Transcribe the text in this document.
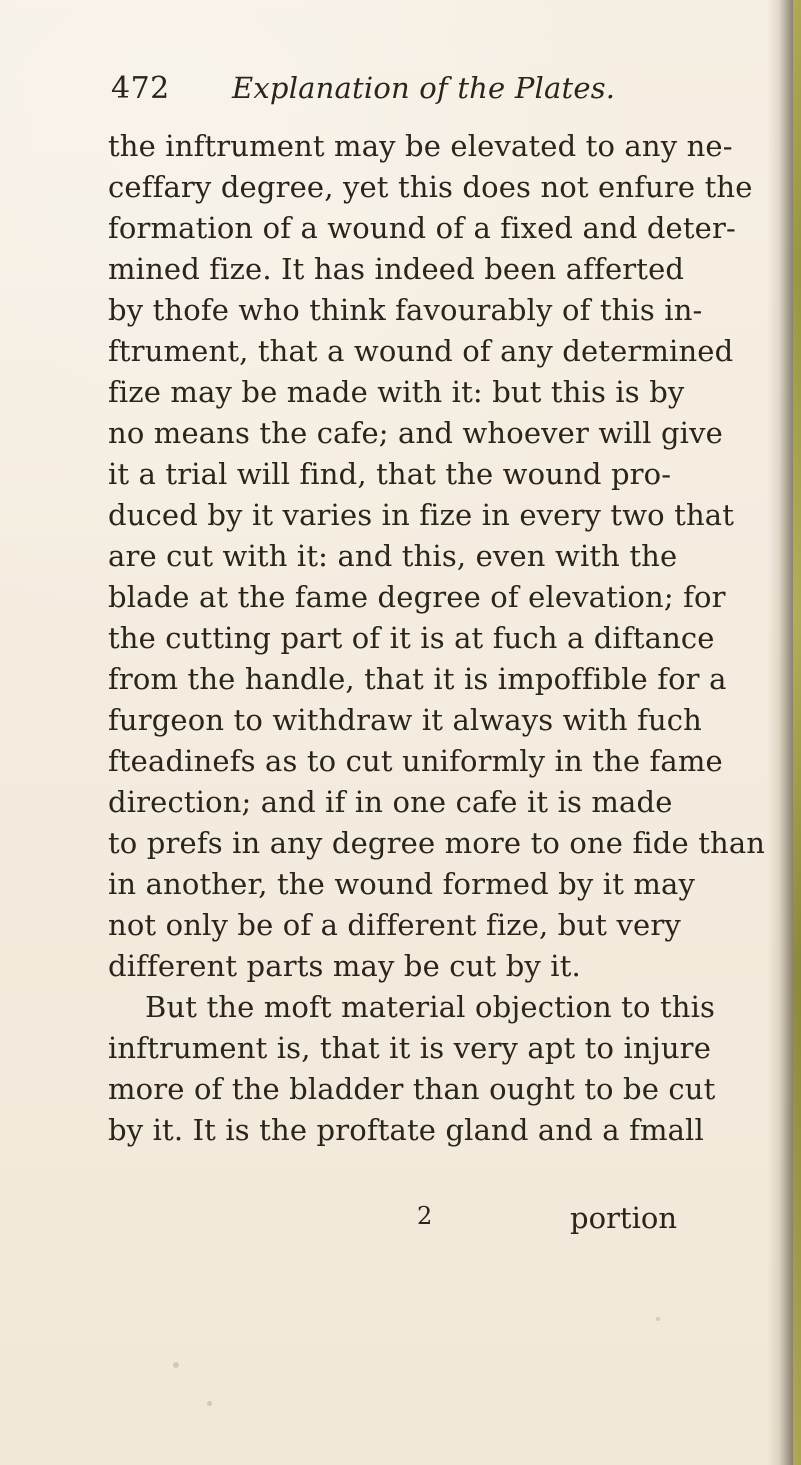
472 Explanation of the Plates.
the inftrument may be elevated to any ne-
ceffary degree, yet this does not enfure the
formation of a wound of a fixed and deter-
mined fize. It has indeed been afferted
by thofe who think favourably of this in-
ftrument, that a wound of any determined
fize may be made with it: but this is by
no means the cafe; and whoever will give
it a trial will find, that the wound pro-
duced by it varies in fize in every two that
are cut with it: and this, even with the
blade at the fame degree of elevation; for
the cutting part of it is at fuch a diftance
from the handle, that it is impoffible for a
furgeon to withdraw it always with fuch
fteadinefs as to cut uniformly in the fame
direction; and if in one cafe it is made
to prefs in any degree more to one fide than
in another, the wound formed by it may
not only be of a different fize, but very
different parts may be cut by it.
But the moft material objection to this
inftrument is, that it is very apt to injure
more of the bladder than ought to be cut
by it. It is the proftate gland and a fmall
2	portion
